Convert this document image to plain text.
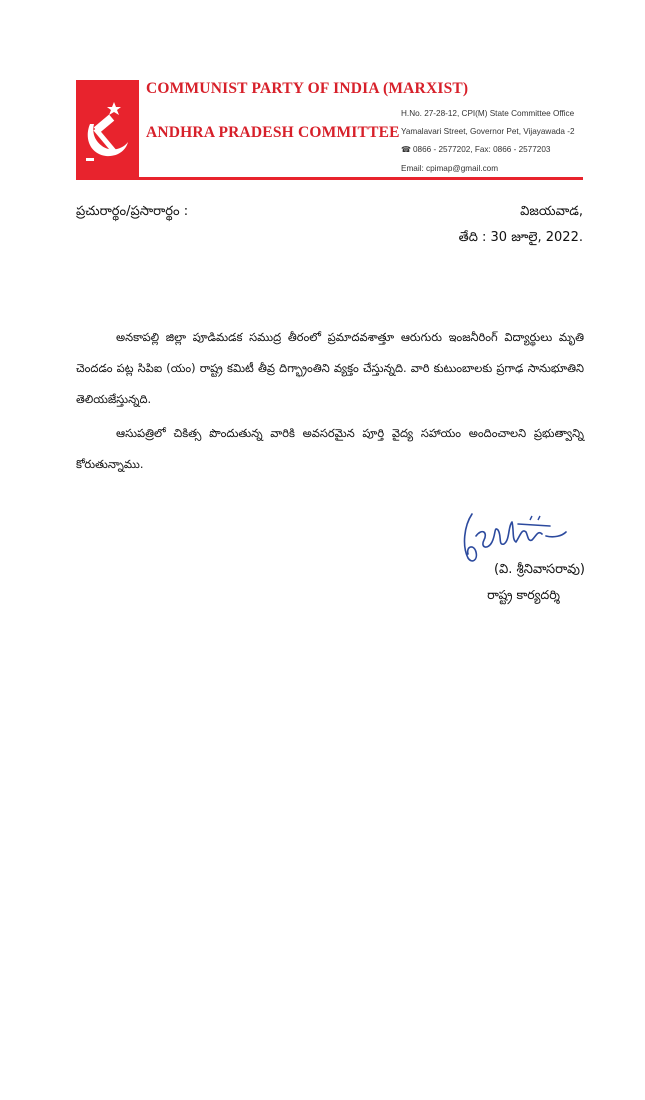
COMMUNIST PARTY OF INDIA (MARXIST)
ANDHRA PRADESH COMMITTEE
H.No. 27-28-12, CPI(M) State Committee Office
Yamalavari Street, Governor Pet, Vijayawada -2
☎ 0866 - 2577202, Fax: 0866 - 2577203
Email: cpimap@gmail.com
ప్రచురార్థం/ప్రసారార్థం :	విజయవాడ,
తేది : 30 జూలై, 2022.
అనకాపల్లి జిల్లా పూడిమడక సముద్ర తీరంలో ప్రమాదవశాత్తూ ఆరుగురు ఇంజనీరింగ్ విద్యార్థులు మృతి చెందడం పట్ల సిపిఐ (యం) రాష్ట్ర కమిటీ తీవ్ర దిగ్భ్రాంతిని వ్యక్తం చేస్తున్నది. వారి కుటుంబాలకు ప్రగాఢ సానుభూతిని తెలియజేస్తున్నది.
ఆసుపత్రిలో చికిత్స పొందుతున్న వారికి అవసరమైన పూర్తి వైద్య సహాయం అందించాలని ప్రభుత్వాన్ని కోరుతున్నాము.
(వి. శ్రీనివాసరావు)
రాష్ట్ర కార్యదర్శి
